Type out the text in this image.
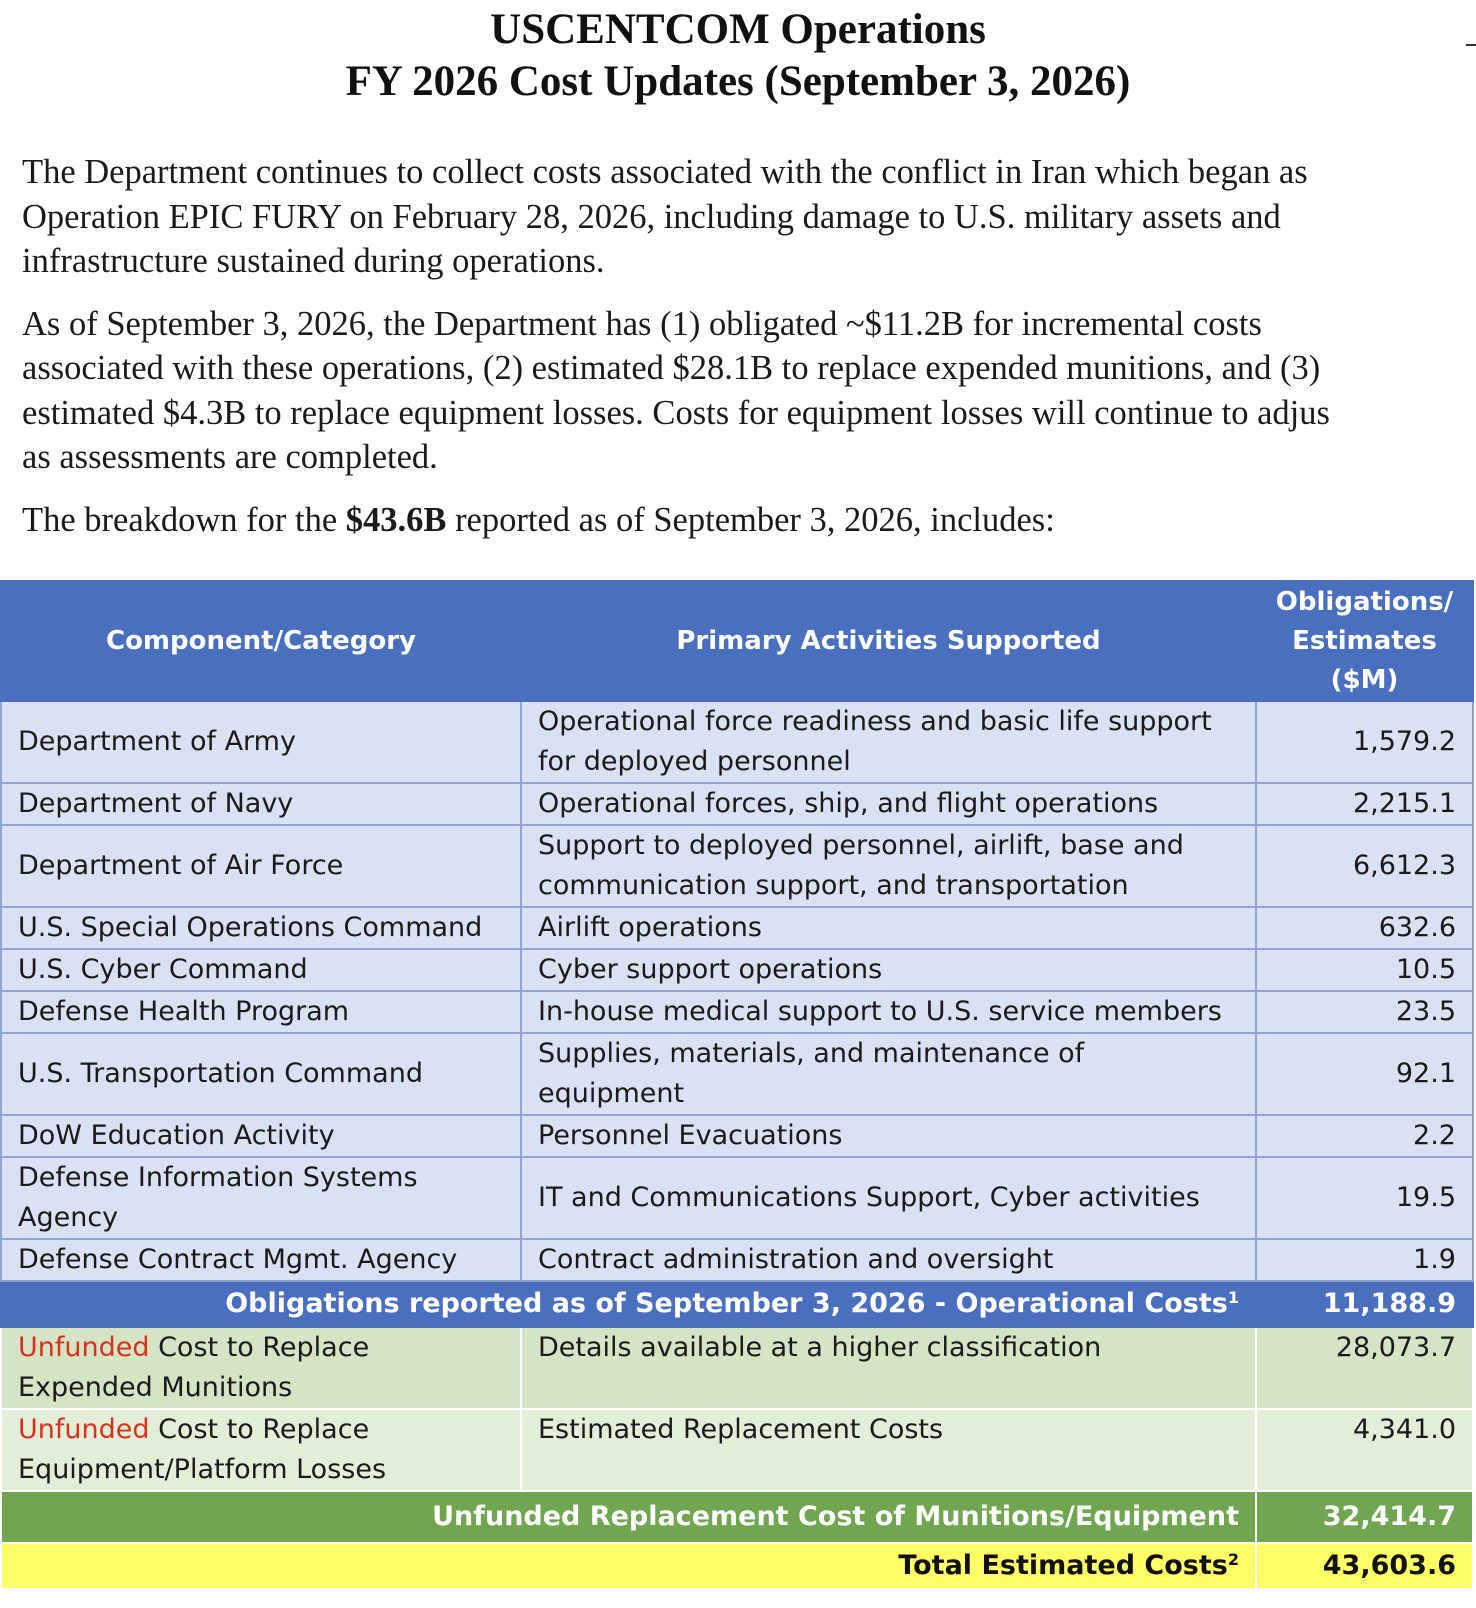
USCENTCOM Operations
FY 2026 Cost Updates (September 3, 2026)

The Department continues to collect costs associated with the conflict in Iran which began as
Operation EPIC FURY on February 28, 2026, including damage to U.S. military assets and
infrastructure sustained during operations.

As of September 3, 2026, the Department has (1) obligated ~$11.2B for incremental costs
associated with these operations, (2) estimated $28.1B to replace expended munitions, and (3)
estimated $4.3B to replace equipment losses. Costs for equipment losses will continue to adjus
as assessments are completed.

The breakdown for the $43.6B reported as of September 3, 2026, includes:

Component/Category	Primary Activities Supported	Obligations/
Estimates
($M)
Department of Army	Operational force readiness and basic life support
for deployed personnel	1,579.2
Department of Navy	Operational forces, ship, and flight operations	2,215.1
Department of Air Force	Support to deployed personnel, airlift, base and
communication support, and transportation	6,612.3
U.S. Special Operations Command	Airlift operations	632.6
U.S. Cyber Command	Cyber support operations	10.5
Defense Health Program	In-house medical support to U.S. service members	23.5
U.S. Transportation Command	Supplies, materials, and maintenance of
equipment	92.1
DoW Education Activity	Personnel Evacuations	2.2
Defense Information Systems
Agency	IT and Communications Support, Cyber activities	19.5
Defense Contract Mgmt. Agency	Contract administration and oversight	1.9
Obligations reported as of September 3, 2026 - Operational Costs$^1$		11,188.9
Unfunded Cost to Replace
Expended Munitions	Details available at a higher classification	28,073.7
Unfunded Cost to Replace
Equipment/Platform Losses	Estimated Replacement Costs	4,341.0
Unfunded Replacement Cost of Munitions/Equipment		32,414.7
Total Estimated Costs$^2$		43,603.6
